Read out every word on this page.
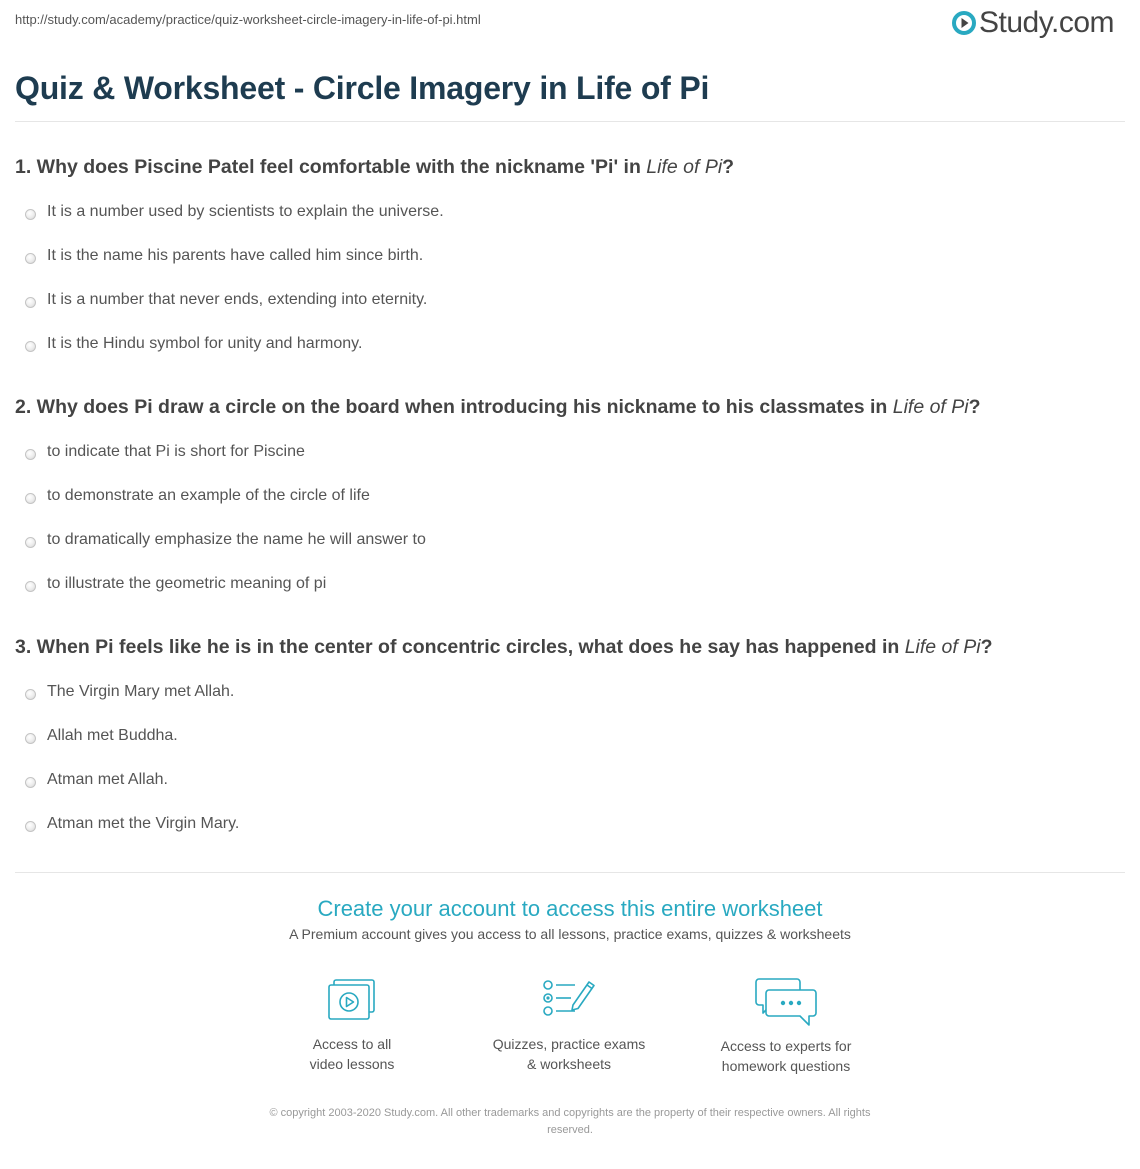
http://study.com/academy/practice/quiz-worksheet-circle-imagery-in-life-of-pi.html	Study.com
Quiz & Worksheet - Circle Imagery in Life of Pi

1. Why does Piscine Patel feel comfortable with the nickname 'Pi' in Life of Pi?

It is a number used by scientists to explain the universe.
It is the name his parents have called him since birth.
It is a number that never ends, extending into eternity.
It is the Hindu symbol for unity and harmony.

2. Why does Pi draw a circle on the board when introducing his nickname to his classmates in Life of Pi?

to indicate that Pi is short for Piscine
to demonstrate an example of the circle of life
to dramatically emphasize the name he will answer to
to illustrate the geometric meaning of pi

3. When Pi feels like he is in the center of concentric circles, what does he say has happened in Life of Pi?

The Virgin Mary met Allah.
Allah met Buddha.
Atman met Allah.
Atman met the Virgin Mary.
Create your account to access this entire worksheet
A Premium account gives you access to all lessons, practice exams, quizzes & worksheets
Access to all
video lessons
Quizzes, practice exams
& worksheets
Access to experts for
homework questions
© copyright 2003-2020 Study.com. All other trademarks and copyrights are the property of their respective owners. All rights
reserved.
